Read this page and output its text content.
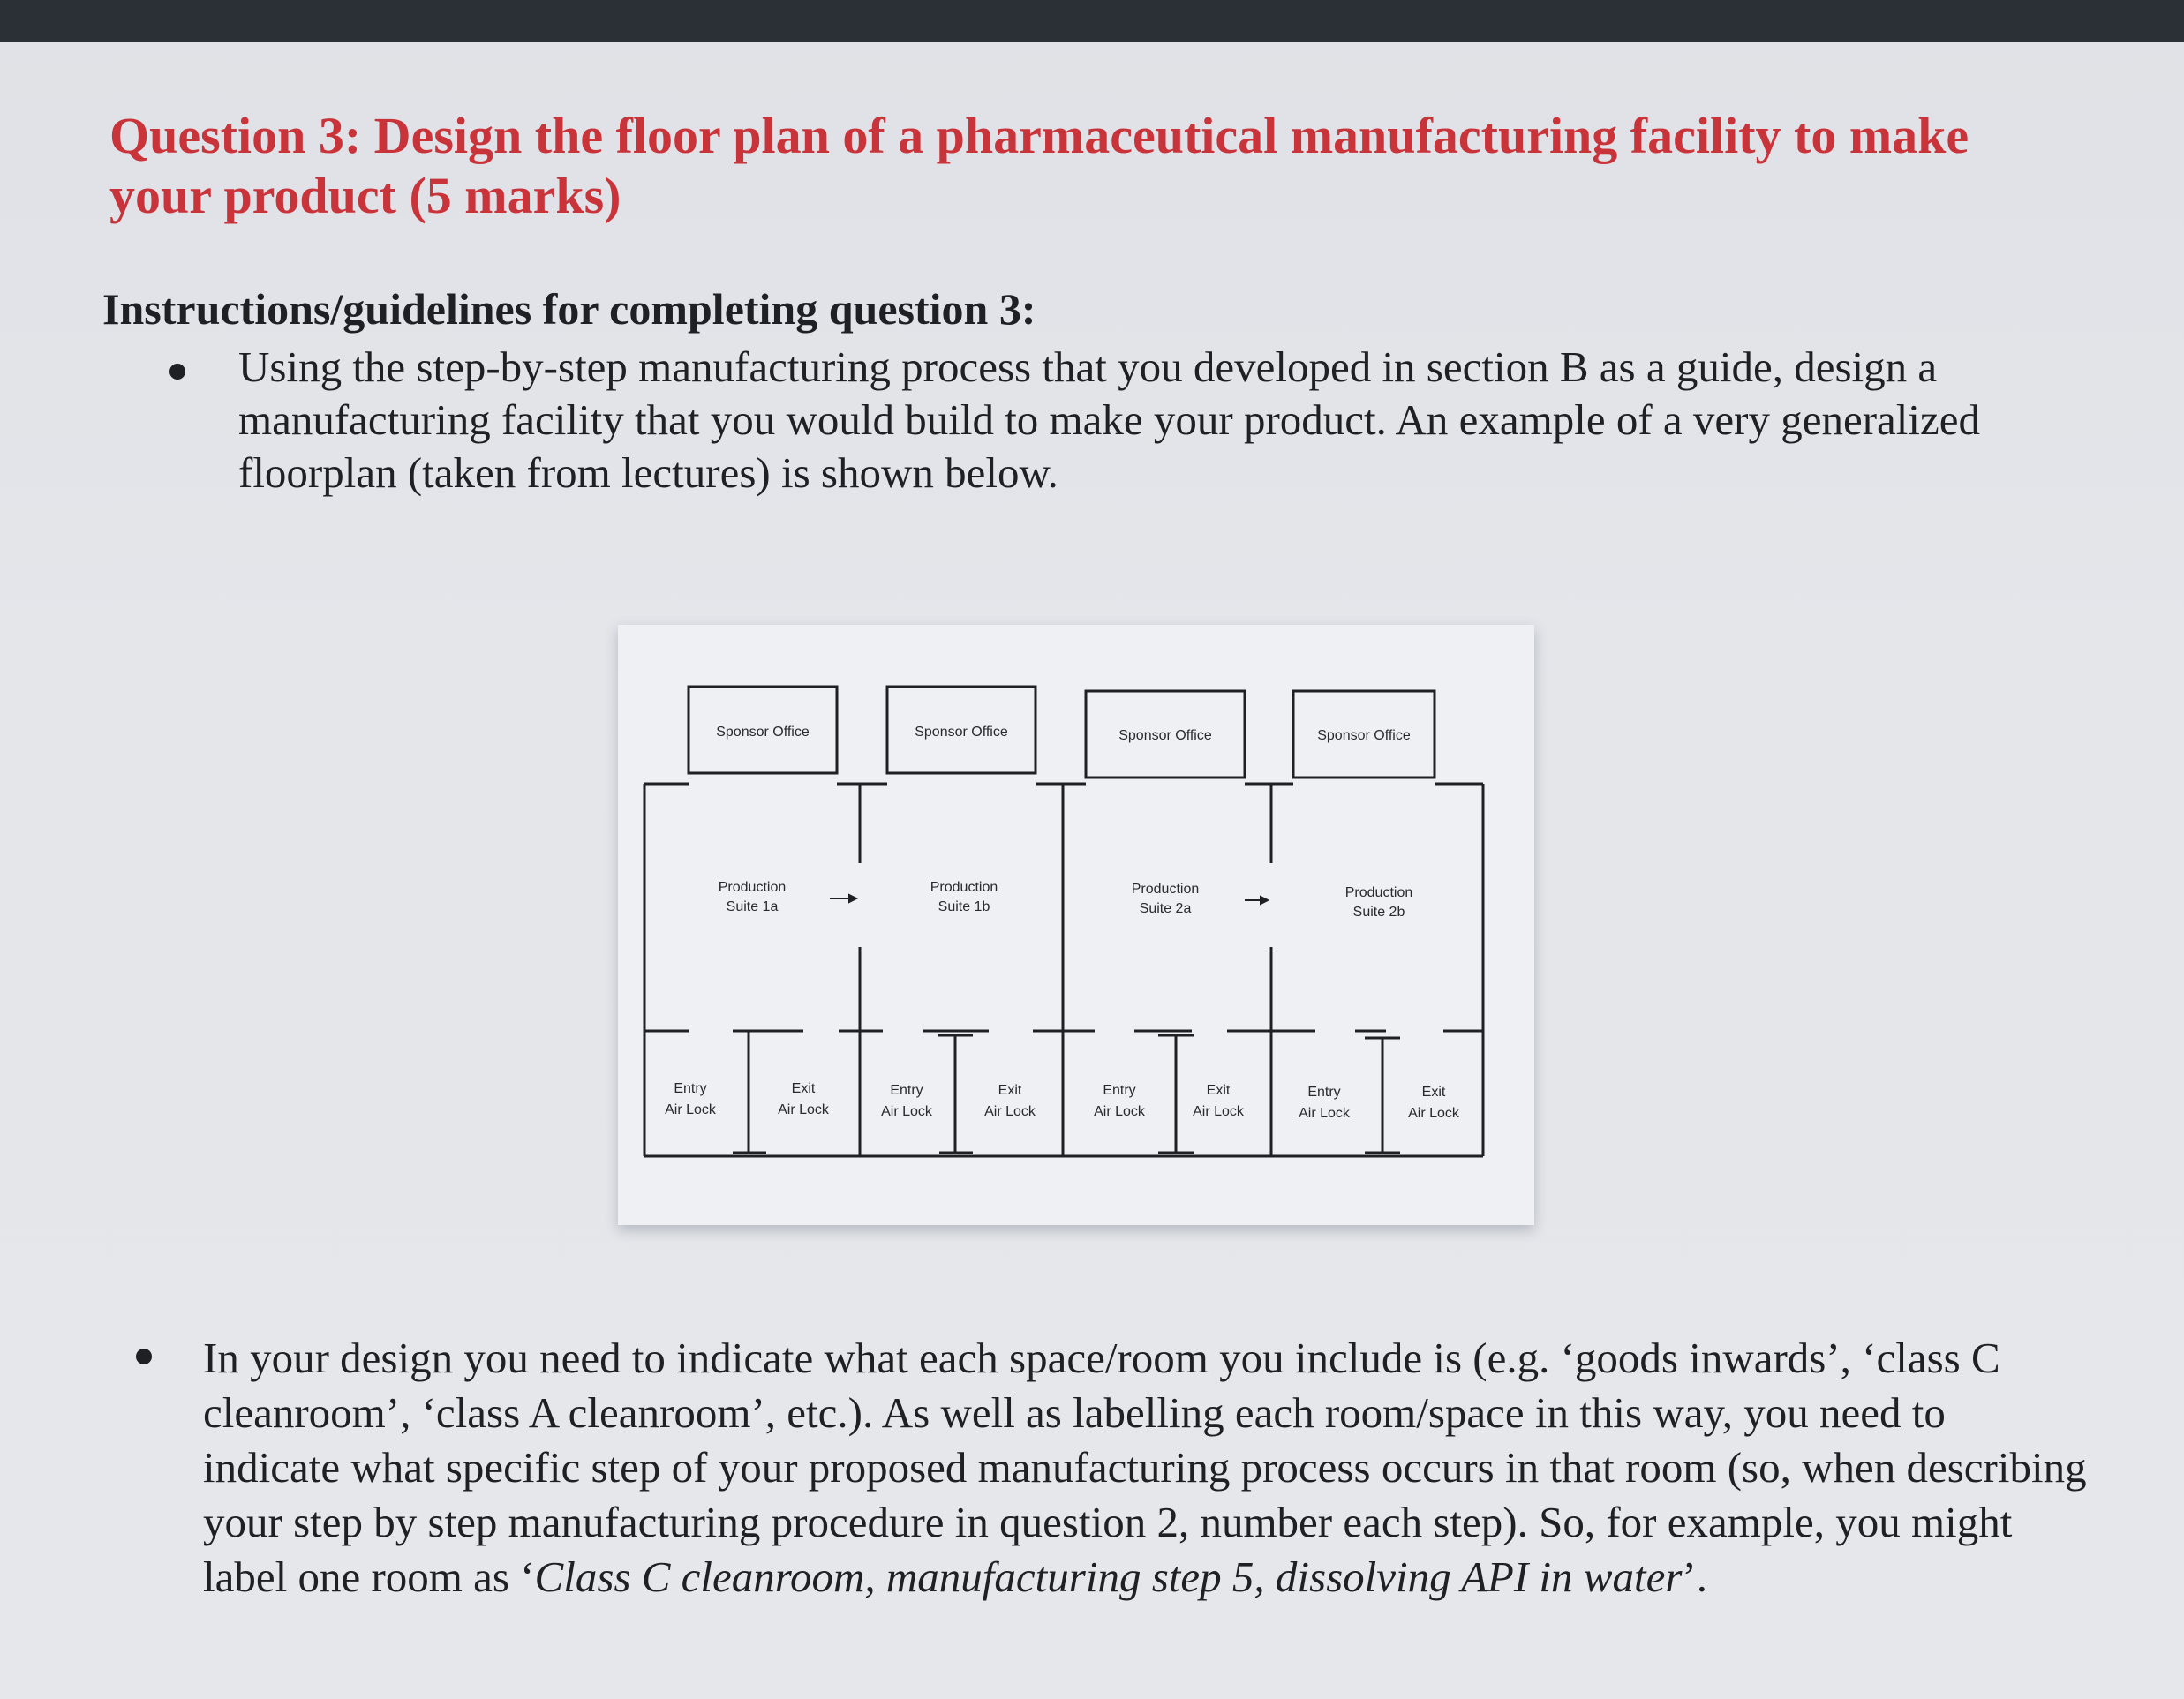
Question 3: Design the floor plan of a pharmaceutical manufacturing facility to make
your product (5 marks)
Instructions/guidelines for completing question 3:
Using the step-by-step manufacturing process that you developed in section B as a guide, design a manufacturing facility that you would build to make your product. An example of a very generalized floorplan (taken from lectures) is shown below.
Sponsor Office	Sponsor Office	Sponsor Office	Sponsor Office
Production
Suite 1a
Production
Suite 1b
Production
Suite 2a
Production
Suite 2b
Entry
Air Lock
Exit
Air Lock
Entry
Air Lock
Exit
Air Lock
Entry
Air Lock
Exit
Air Lock
Entry
Air Lock
Exit
Air Lock
In your design you need to indicate what each space/room you include is (e.g. ‘goods inwards’, ‘class C cleanroom’, ‘class A cleanroom’, etc.). As well as labelling each room/space in this way, you need to indicate what specific step of your proposed manufacturing process occurs in that room (so, when describing your step by step manufacturing procedure in question 2, number each step). So, for example, you might label one room as ‘Class C cleanroom, manufacturing step 5, dissolving API in water’.
